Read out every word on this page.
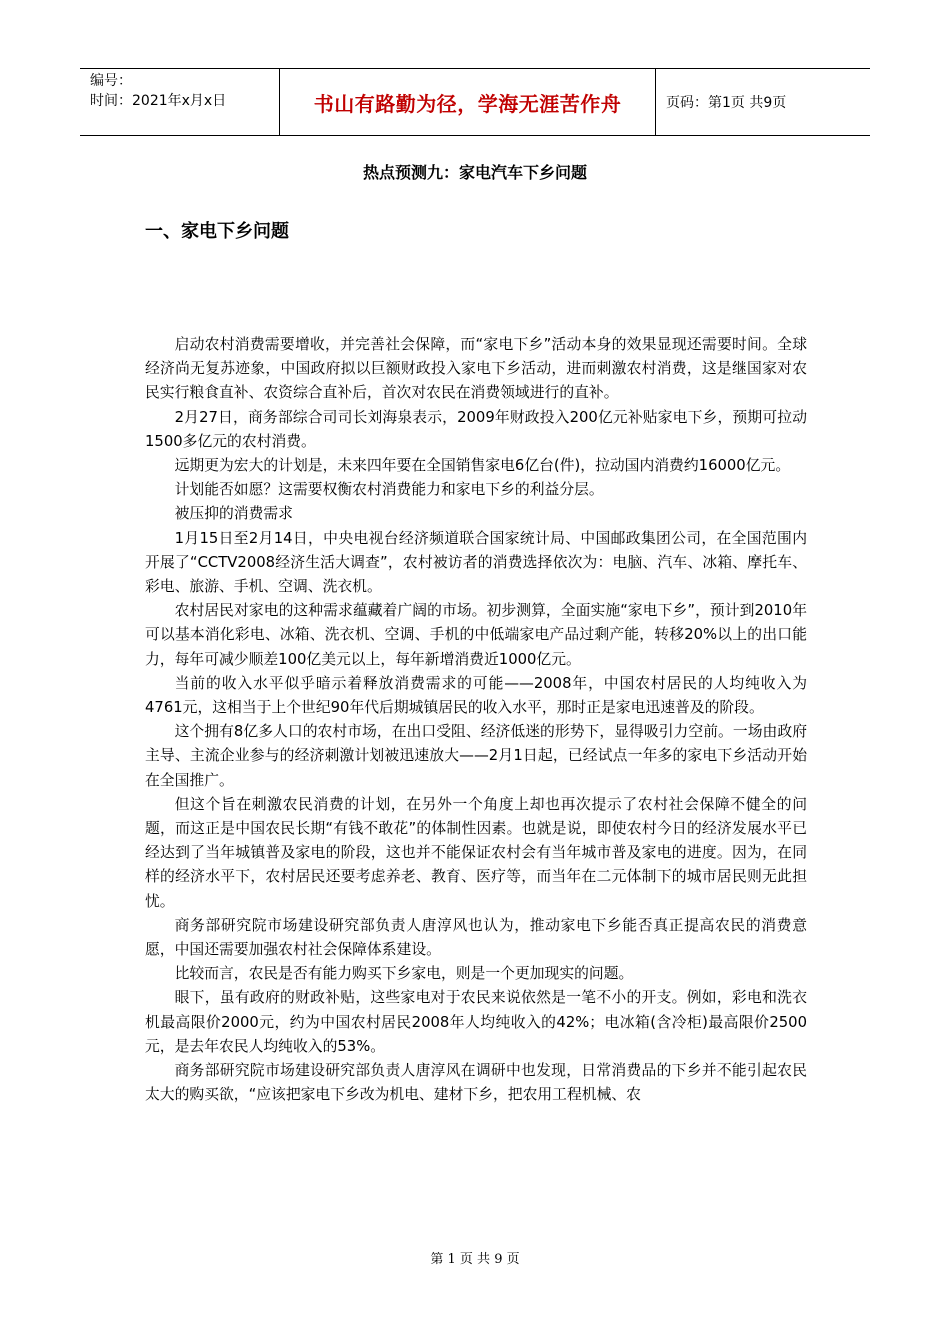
编号：
时间：2021年x月x日	书山有路勤为径，学海无涯苦作舟	页码：第1页 共9页
热点预测九：家电汽车下乡问题
一、家电下乡问题

启动农村消费需要增收，并完善社会保障，而“家电下乡”活动本身的效果显现还需要时间。全球经济尚无复苏迹象，中国政府拟以巨额财政投入家电下乡活动，进而刺激农村消费，这是继国家对农民实行粮食直补、农资综合直补后，首次对农民在消费领域进行的直补。

2月27日，商务部综合司司长刘海泉表示，2009年财政投入200亿元补贴家电下乡，预期可拉动1500多亿元的农村消费。

远期更为宏大的计划是，未来四年要在全国销售家电6亿台(件)，拉动国内消费约16000亿元。

计划能否如愿？这需要权衡农村消费能力和家电下乡的利益分层。

被压抑的消费需求

1月15日至2月14日，中央电视台经济频道联合国家统计局、中国邮政集团公司，在全国范围内开展了“CCTV2008经济生活大调查”，农村被访者的消费选择依次为：电脑、汽车、冰箱、摩托车、彩电、旅游、手机、空调、洗衣机。

农村居民对家电的这种需求蕴藏着广阔的市场。初步测算，全面实施“家电下乡”，预计到2010年可以基本消化彩电、冰箱、洗衣机、空调、手机的中低端家电产品过剩产能，转移20%以上的出口能力，每年可减少顺差100亿美元以上，每年新增消费近1000亿元。

当前的收入水平似乎暗示着释放消费需求的可能——2008年，中国农村居民的人均纯收入为4761元，这相当于上个世纪90年代后期城镇居民的收入水平，那时正是家电迅速普及的阶段。

这个拥有8亿多人口的农村市场，在出口受阻、经济低迷的形势下，显得吸引力空前。一场由政府主导、主流企业参与的经济刺激计划被迅速放大——2月1日起，已经试点一年多的家电下乡活动开始在全国推广。

但这个旨在刺激农民消费的计划，在另外一个角度上却也再次提示了农村社会保障不健全的问题，而这正是中国农民长期“有钱不敢花”的体制性因素。也就是说，即使农村今日的经济发展水平已经达到了当年城镇普及家电的阶段，这也并不能保证农村会有当年城市普及家电的进度。因为，在同样的经济水平下，农村居民还要考虑养老、教育、医疗等，而当年在二元体制下的城市居民则无此担忧。

商务部研究院市场建设研究部负责人唐淳风也认为，推动家电下乡能否真正提高农民的消费意愿，中国还需要加强农村社会保障体系建设。

比较而言，农民是否有能力购买下乡家电，则是一个更加现实的问题。

眼下，虽有政府的财政补贴，这些家电对于农民来说依然是一笔不小的开支。例如，彩电和洗衣机最高限价2000元，约为中国农村居民2008年人均纯收入的42%；电冰箱(含冷柜)最高限价2500元，是去年农民人均纯收入的53%。

商务部研究院市场建设研究部负责人唐淳风在调研中也发现，日常消费品的下乡并不能引起农民太大的购买欲，“应该把家电下乡改为机电、建材下乡，把农用工程机械、农

第 1 页 共 9 页
